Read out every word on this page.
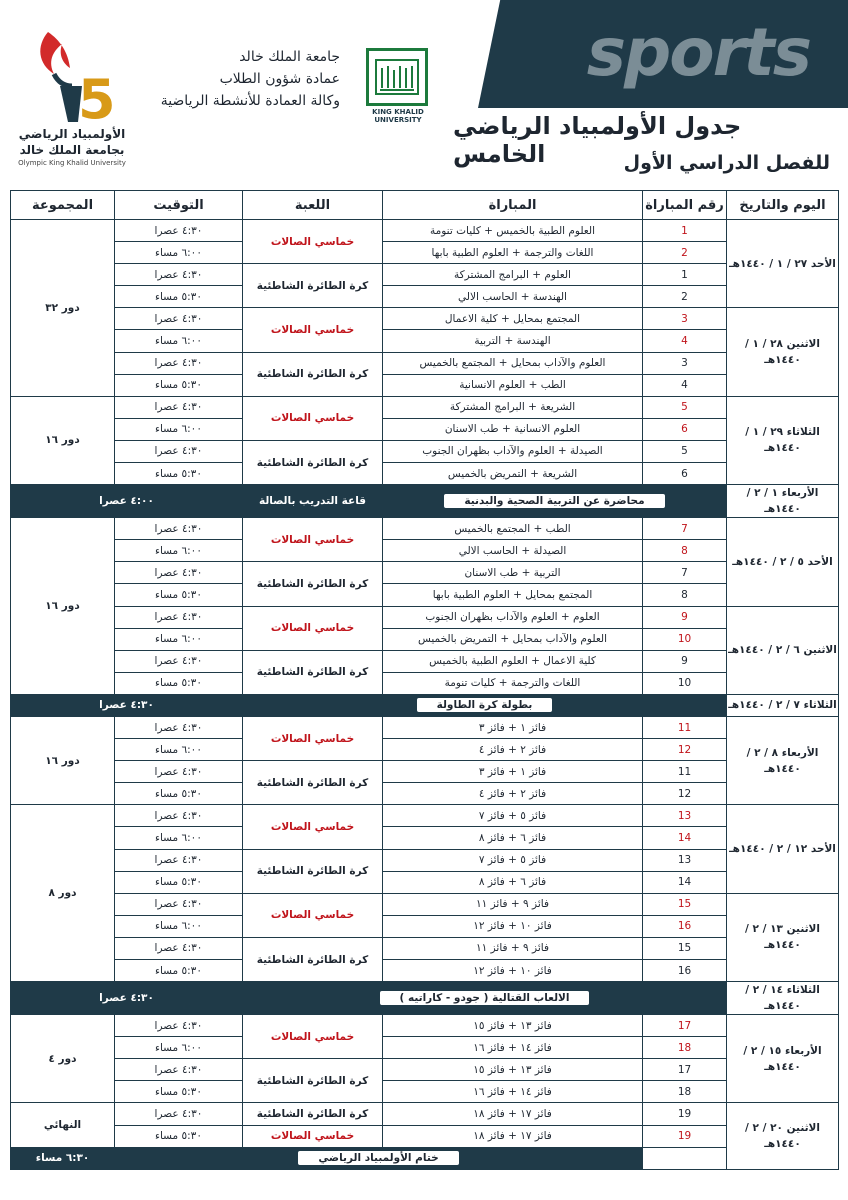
sports
جدول الأولمبياد الرياضي الخامس	للفصل الدراسي الأول
KING KHALID UNIVERSITY
جامعة الملك خالد
عمادة شؤون الطلاب
وكالة العمادة للأنشطة الرياضية
5
الأولمبياد الرياضي بجامعة الملك خالد
Olympic King Khalid University
اليوم والتاريخ	رقم المباراة	المباراة	اللعبة	التوقيت	المجموعة
الأحد ٢٧ / ١ / ١٤٤٠هـ	1	العلوم الطبية بالخميس + كليات تنومة	خماسي الصالات	٤:٣٠ عصرا	دور ٣٢
	2	اللغات والترجمة + العلوم الطبية بابها		٦:٠٠ مساء	
	1	العلوم + البرامج المشتركة	كرة الطائرة الشاطئية	٤:٣٠ عصرا	
	2	الهندسة + الحاسب الالي		٥:٣٠ مساء	
الاثنين ٢٨ / ١ / ١٤٤٠هـ	3	المجتمع بمحايل + كلية الاعمال	خماسي الصالات	٤:٣٠ عصرا	
	4	الهندسة + التربية		٦:٠٠ مساء	
	3	العلوم والآداب بمحايل + المجتمع بالخميس	كرة الطائرة الشاطئية	٤:٣٠ عصرا	
	4	الطب + العلوم الانسانية		٥:٣٠ مساء	
الثلاثاء ٢٩ / ١ / ١٤٤٠هـ	5	الشريعة + البرامج المشتركة	خماسي الصالات	٤:٣٠ عصرا	دور ١٦
	6	العلوم الانسانية + طب الاسنان		٦:٠٠ مساء	
	5	الصيدلة + العلوم والآداب بظهران الجنوب	كرة الطائرة الشاطئية	٤:٣٠ عصرا	
	6	الشريعة + التمريض بالخميس		٥:٣٠ مساء	
الأربعاء ١ / ٢ / ١٤٤٠هـ	محاضرة عن التربية الصحية والبدنية		قاعة التدريب بالصالة	٤:٠٠ عصرا	
الأحد ٥ / ٢ / ١٤٤٠هـ	7	الطب + المجتمع بالخميس	خماسي الصالات	٤:٣٠ عصرا	دور ١٦
	8	الصيدلة + الحاسب الالي		٦:٠٠ مساء	
	7	التربية + طب الاسنان	كرة الطائرة الشاطئية	٤:٣٠ عصرا	
	8	المجتمع بمحايل + العلوم الطبية بابها		٥:٣٠ مساء	
الاثنين ٦ / ٢ / ١٤٤٠هـ	9	العلوم + العلوم والآداب بظهران الجنوب	خماسي الصالات	٤:٣٠ عصرا	
	10	العلوم والآداب بمحايل + التمريض بالخميس		٦:٠٠ مساء	
	9	كلية الاعمال + العلوم الطبية بالخميس	كرة الطائرة الشاطئية	٤:٣٠ عصرا	
	10	اللغات والترجمة + كليات تنومة		٥:٣٠ مساء	
الثلاثاء ٧ / ٢ / ١٤٤٠هـ	بطولة كرة الطاولة			٤:٣٠ عصرا	
الأربعاء ٨ / ٢ / ١٤٤٠هـ	11	فائز ١ + فائز ٣	خماسي الصالات	٤:٣٠ عصرا	دور ١٦
	12	فائز ٢ + فائز ٤		٦:٠٠ مساء	
	11	فائز ١ + فائز ٣	كرة الطائرة الشاطئية	٤:٣٠ عصرا	
	12	فائز ٢ + فائز ٤		٥:٣٠ مساء	
الأحد ١٢ / ٢ / ١٤٤٠هـ	13	فائز ٥ + فائز ٧	خماسي الصالات	٤:٣٠ عصرا	دور ٨
	14	فائز ٦ + فائز ٨		٦:٠٠ مساء	
	13	فائز ٥ + فائز ٧	كرة الطائرة الشاطئية	٤:٣٠ عصرا	
	14	فائز ٦ + فائز ٨		٥:٣٠ مساء	
الاثنين ١٣ / ٢ / ١٤٤٠هـ	15	فائز ٩ + فائز ١١	خماسي الصالات	٤:٣٠ عصرا	
	16	فائز ١٠ + فائز ١٢		٦:٠٠ مساء	
	15	فائز ٩ + فائز ١١	كرة الطائرة الشاطئية	٤:٣٠ عصرا	
	16	فائز ١٠ + فائز ١٢		٥:٣٠ مساء	
الثلاثاء ١٤ / ٢ / ١٤٤٠هـ	الالعاب القتالية ( جودو - كاراتيه )			٤:٣٠ عصرا	
الأربعاء ١٥ / ٢ / ١٤٤٠هـ	17	فائز ١٣ + فائز ١٥	خماسي الصالات	٤:٣٠ عصرا	دور ٤
	18	فائز ١٤ + فائز ١٦		٦:٠٠ مساء	
	17	فائز ١٣ + فائز ١٥	كرة الطائرة الشاطئية	٤:٣٠ عصرا	
	18	فائز ١٤ + فائز ١٦		٥:٣٠ مساء	
الاثنين ٢٠ / ٢ / ١٤٤٠هـ	19	فائز ١٧ + فائز ١٨	كرة الطائرة الشاطئية	٤:٣٠ عصرا	النهائي
	19	فائز ١٧ + فائز ١٨	خماسي الصالات	٥:٣٠ مساء	
		ختام الأولمبياد الرياضي			٦:٣٠ مساء
